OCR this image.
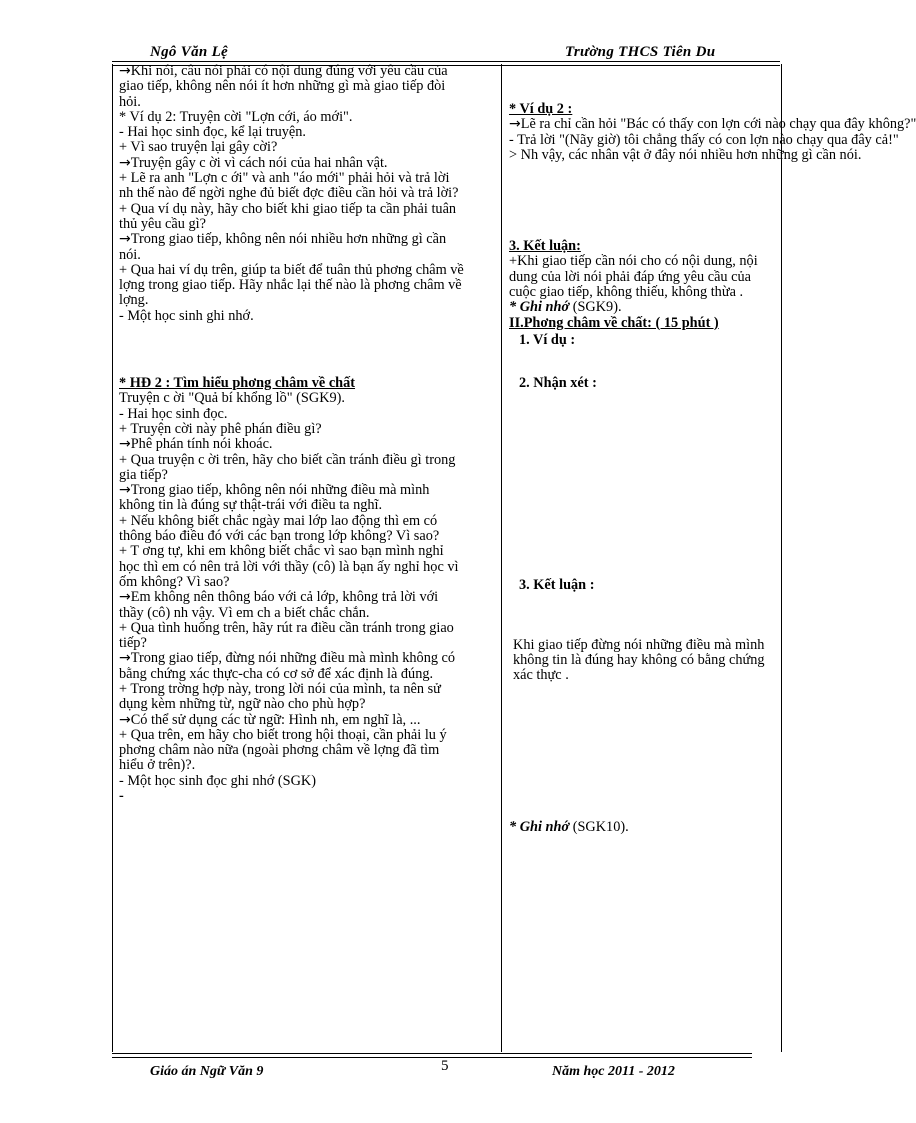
Ngô Văn Lệ	Trường THCS Tiên Du

→Khi nói, câu nói phải có nội dung đúng với yêu cầu của giao tiếp, không nên nói ít hơn những gì mà giao tiếp đòi hỏi.

* Ví dụ 2: Truyện cời "Lợn cới, áo mới".

- Hai học sinh đọc, kể lại truyện.

+ Vì sao truyện lại gây cời?

→Truyện gây c ời vì cách nói của hai nhân vật.

+ Lẽ ra anh "Lợn c ới" và anh "áo mới" phải hỏi và trả lời nh thế nào để ngời nghe đủ biết đợc điều cần hỏi và trả lời?

+ Qua ví dụ này, hãy cho biết khi giao tiếp ta cần phải tuân thủ yêu cầu gì?

→Trong giao tiếp, không nên nói nhiều hơn những gì cần nói.

+ Qua hai ví dụ trên, giúp ta biết để tuân thủ phơng châm về lợng trong giao tiếp. Hãy nhắc lại thế nào là phơng châm về lợng.

- Một học sinh ghi nhớ.

* HĐ 2 : Tìm hiểu phơng châm về chất

Truyện c ời "Quả bí khổng lồ" (SGK9).

- Hai học sinh đọc.

+ Truyện cời này phê phán điều gì?

→Phê phán tính nói khoác.

+ Qua truyện c ời trên, hãy cho biết cần tránh điều gì trong gia tiếp?

→Trong giao tiếp, không nên nói những điều mà mình không tin là đúng sự thật-trái với điều ta nghĩ.

+ Nếu không biết chắc ngày mai lớp lao động thì em có thông báo điều đó với các bạn trong lớp không? Vì sao?

+ T ơng tự, khi em không biết chắc vì sao bạn mình nghỉ học thì em có nên trả lời với thầy (cô) là bạn ấy nghỉ học vì ốm không? Vì sao?

→Em không nên thông báo với cả lớp, không trả lời với thầy (cô) nh vậy. Vì em ch a biết chắc chắn.

+ Qua tình huống trên, hãy rút ra điều cần tránh trong giao tiếp?

→Trong giao tiếp, đừng nói những điều mà mình không có bằng chứng xác thực-cha có cơ sở để xác định là đúng.

+ Trong trờng hợp này, trong lời nói của mình, ta nên sử dụng kèm những từ, ngữ nào cho phù hợp?

→Có thể sử dụng các từ ngữ: Hình nh, em nghĩ là, ...

+ Qua trên, em hãy cho biết trong hội thoại, cần phải lu ý phơng châm nào nữa (ngoài phơng châm về lợng đã tìm hiểu ở trên)?.

- Một học sinh đọc ghi nhớ (SGK)

-

* Ví dụ 2 :

→Lẽ ra chỉ cần hỏi "Bác có thấy con lợn cới nào chạy qua đây không?"

- Trả lời "(Nãy giờ) tôi chẳng thấy có con lợn nào chạy qua đây cả!"

> Nh vậy, các nhân vật ở đây nói nhiều hơn những gì cần nói.

3. Kết luận:

+Khi giao tiếp cần nói cho có nội dung, nội dung của lời nói phải đáp ứng yêu cầu của cuộc giao tiếp, không thiếu, không thừa .

* Ghi nhớ (SGK9).

II.Phơng châm về chất: ( 15 phút )

1. Ví dụ :

2. Nhận xét :

3. Kết luận :

Khi giao tiếp đừng nói những điều mà mình không tin là đúng hay không có bằng chứng xác thực .

* Ghi nhớ (SGK10).

Giáo án Ngữ Văn 9	5	Năm học 2011 - 2012
